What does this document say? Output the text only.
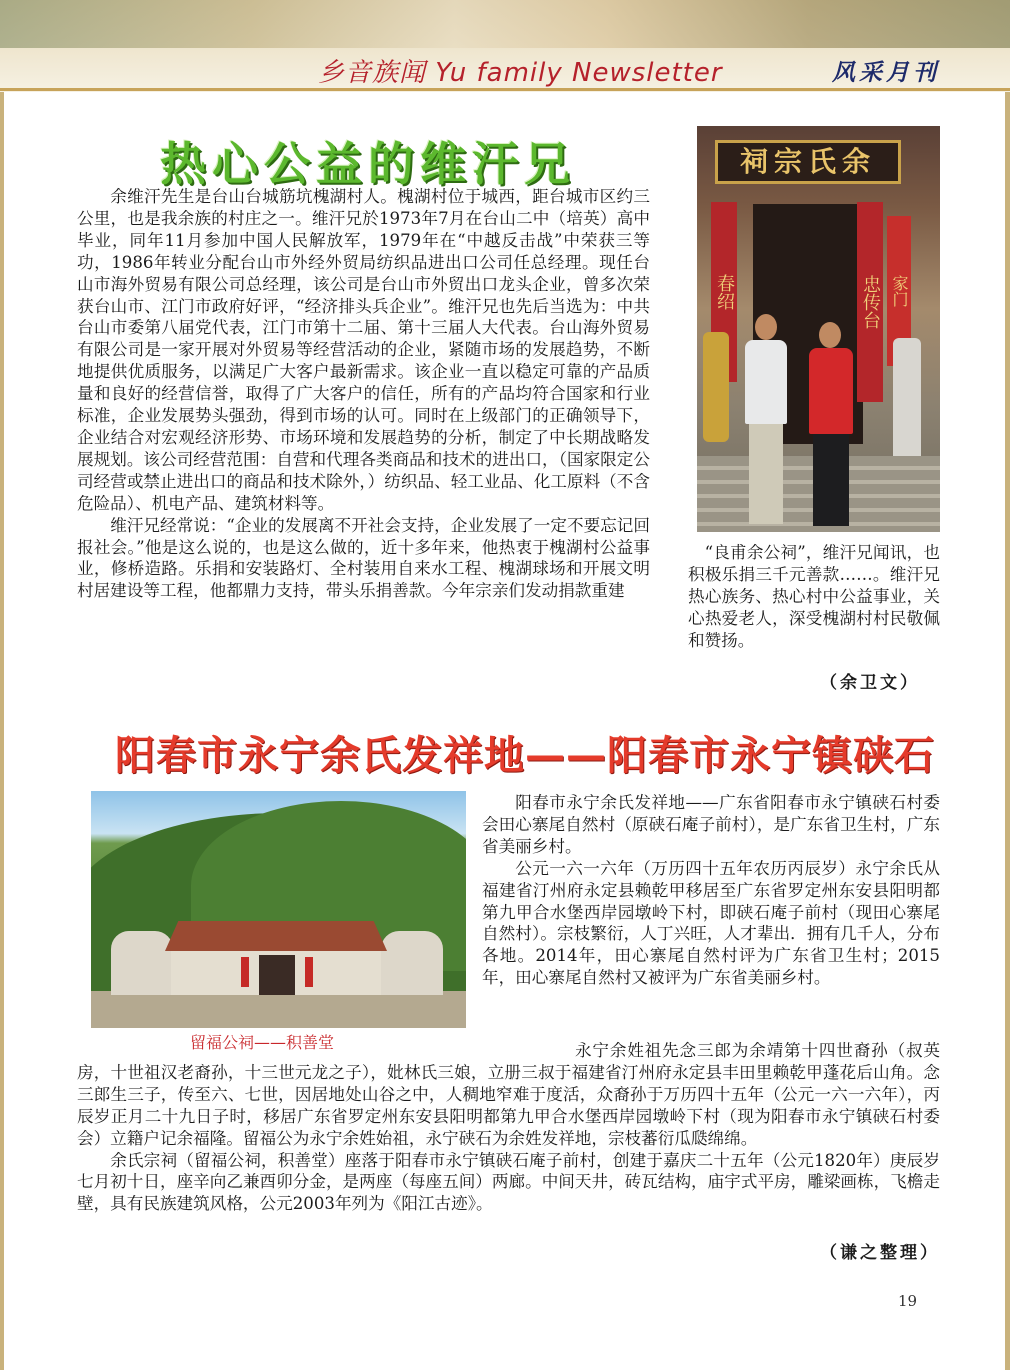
乡音族闻 Yu family Newsletter	风采月刊
热心公益的维汗兄

余维汗先生是台山台城筋坑槐湖村人。槐湖村位于城西，距台城市区约三公里，也是我余族的村庄之一。维汗兄於1973年7月在台山二中（培英）高中毕业，同年11月参加中国人民解放军，1979年在“中越反击战”中荣获三等功，1986年转业分配台山市外经外贸局纺织品进出口公司任总经理。现任台山市海外贸易有限公司总经理，该公司是台山市外贸出口龙头企业，曾多次荣获台山市、江门市政府好评，“经济排头兵企业”。维汗兄也先后当选为：中共台山市委第八届党代表，江门市第十二届、第十三届人大代表。台山海外贸易有限公司是一家开展对外贸易等经营活动的企业，紧随市场的发展趋势，不断地提供优质服务，以满足广大客户最新需求。该企业一直以稳定可靠的产品质量和良好的经营信誉，取得了广大客户的信任，所有的产品均符合国家和行业标准，企业发展势头强劲，得到市场的认可。同时在上级部门的正确领导下，企业结合对宏观经济形势、市场环境和发展趋势的分析，制定了中长期战略发展规划。该公司经营范围：自营和代理各类商品和技术的进出口，（国家限定公司经营或禁止进出口的商品和技术除外，）纺织品、轻工业品、化工原料（不含危险品）、机电产品、建筑材料等。

维汗兄经常说：“企业的发展离不开社会支持，企业发展了一定不要忘记回报社会。”他是这么说的，也是这么做的，近十多年来，他热衷于槐湖村公益事业，修桥造路。乐捐和安装路灯、全村装用自来水工程、槐湖球场和开展文明村居建设等工程，他都鼎力支持，带头乐捐善款。今年宗亲们发动捐款重建

祠宗氏余
春绍	忠传台 家门

“良甫余公祠”，维汗兄闻讯，也积极乐捐三千元善款……。维汗兄热心族务、热心村中公益事业，关心热爱老人，深受槐湖村村民敬佩和赞扬。

（余卫文）
阳春市永宁余氏发祥地——阳春市永宁镇硖石
留福公祠——积善堂

阳春市永宁余氏发祥地——广东省阳春市永宁镇硖石村委会田心寨尾自然村（原硖石庵子前村），是广东省卫生村，广东省美丽乡村。

公元一六一六年（万历四十五年农历丙辰岁）永宁余氏从福建省汀州府永定县赖乾甲移居至广东省罗定州东安县阳明都第九甲合水堡西岸园墩岭下村，即硖石庵子前村（现田心寨尾自然村）。宗枝繁衍，人丁兴旺，人才辈出．拥有几千人，分布各地。2014年，田心寨尾自然村评为广东省卫生村；2015年，田心寨尾自然村又被评为广东省美丽乡村。

永宁余姓祖先念三郎为余靖第十四世裔孙（叔英房，十世祖汉老裔孙，十三世元龙之子），妣林氏三娘，立册三叔于福建省汀州府永定县丰田里赖乾甲蓬花后山角。念三郎生三子，传至六、七世，因居地处山谷之中，人稠地窄难于度活，众裔孙于万历四十五年（公元一六一六年），丙辰岁正月二十九日子时，移居广东省罗定州东安县阳明都第九甲合水堡西岸园墩岭下村（现为阳春市永宁镇硖石村委会）立籍户记余福隆。留福公为永宁余姓始祖，永宁硖石为余姓发祥地，宗枝蕃衍瓜瓞绵绵。

余氏宗祠（留福公祠，积善堂）座落于阳春市永宁镇硖石庵子前村，创建于嘉庆二十五年（公元1820年）庚辰岁七月初十日，座辛向乙兼酉卯分金，是两座（每座五间）两廊。中间天井，砖瓦结构，庙宇式平房，雕梁画栋，飞檐走壁，具有民族建筑风格，公元2003年列为《阳江古迹》。

（谦之整理）
19
